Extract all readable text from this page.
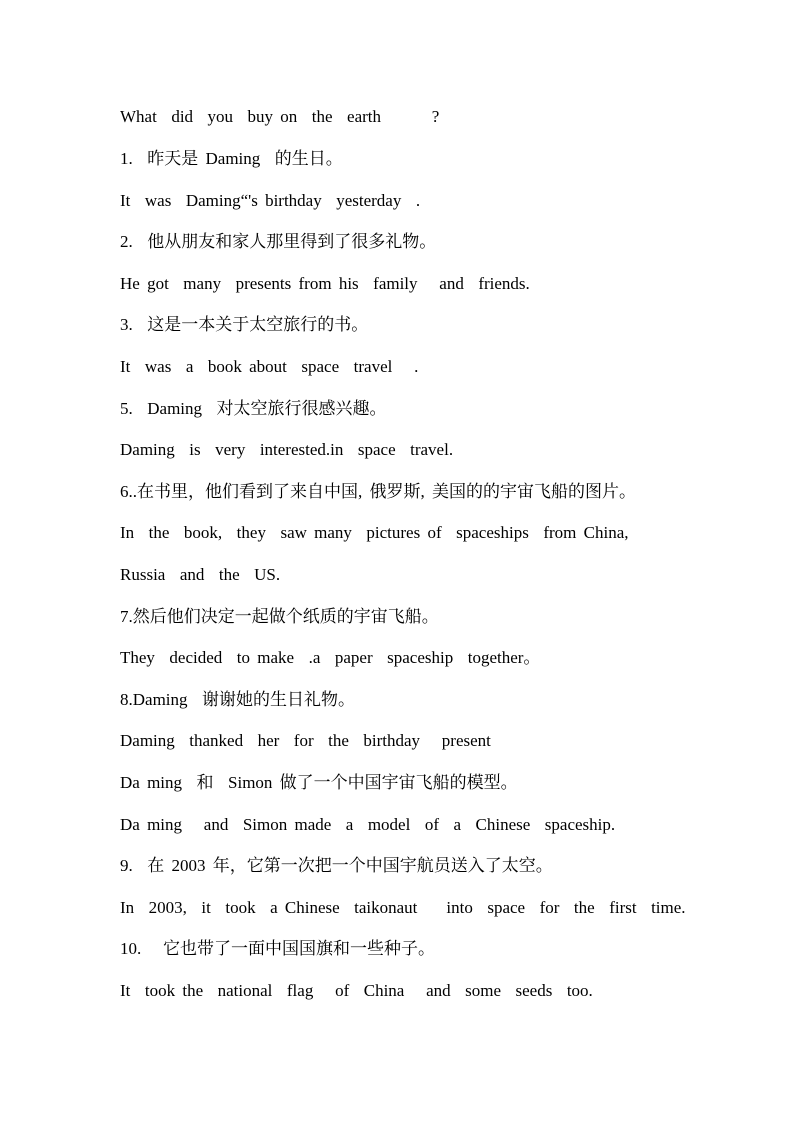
What  did  you  buy on  the  earth       ?
1.  昨天是 Daming  的生日。
It  was  Daming“'s birthday  yesterday  .
2.  他从朋友和家人那里得到了很多礼物。
He got  many  presents from his  family   and  friends.
3.  这是一本关于太空旅行的书。
It  was  a  book about  space  travel   .
5.  Daming  对太空旅行很感兴趣。
Daming  is  very  interested.in  space  travel.
6..在书里，他们看到了来自中国, 俄罗斯, 美国的的宇宙飞船的图片。
In  the  book,  they  saw many  pictures of  spaceships  from China,
Russia  and  the  US.
7.然后他们决定一起做个纸质的宇宙飞船。
They  decided  to make  .a  paper  spaceship  together。
8.Daming  谢谢她的生日礼物。
Daming  thanked  her  for  the  birthday   present
Da ming  和  Simon 做了一个中国宇宙飞船的模型。
Da ming   and  Simon made  a  model  of  a  Chinese  spaceship.
9.  在 2003 年，它第一次把一个中国宇航员送入了太空。
In  2003,  it  took  a Chinese  taikonaut    into  space  for  the  first  time.
10.   它也带了一面中国国旗和一些种子。
It  took the  national  flag   of  China   and  some  seeds  too.
